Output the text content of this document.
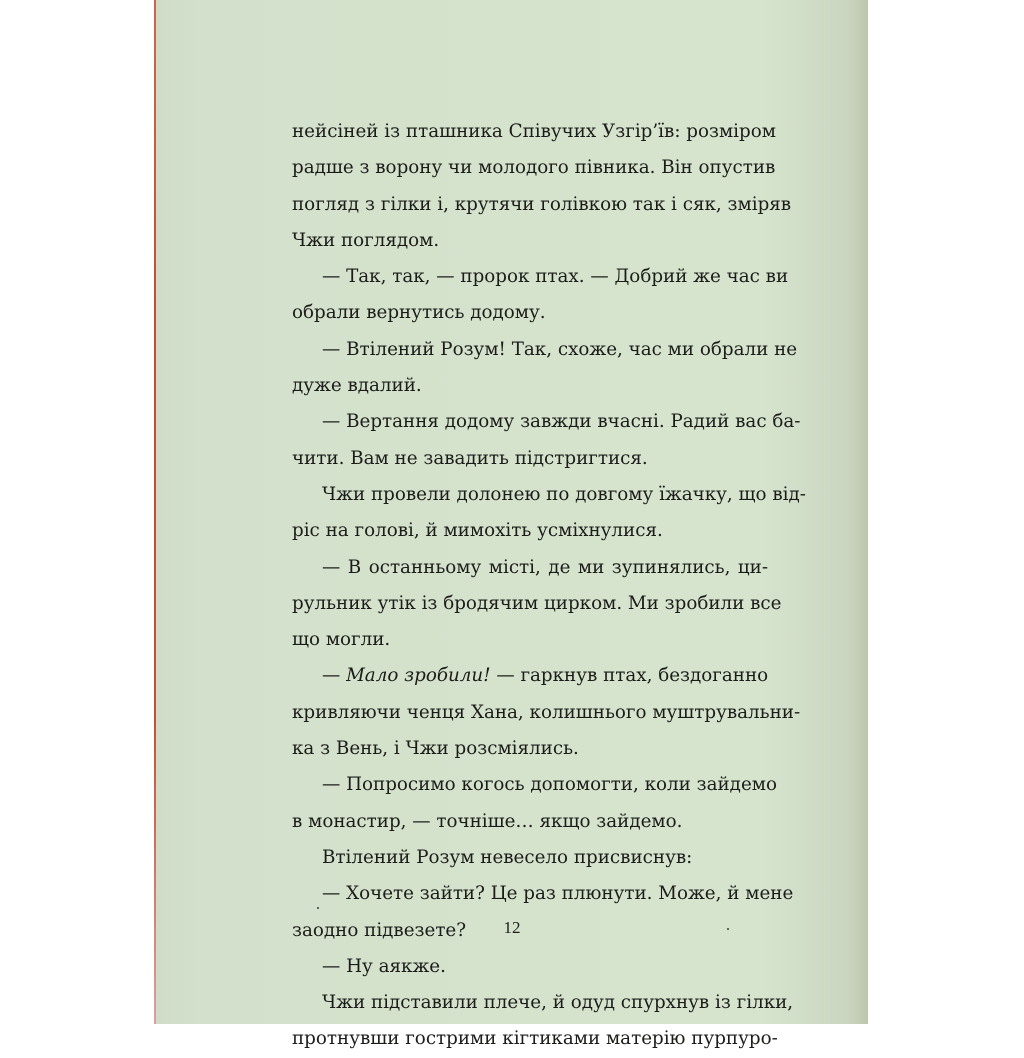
нейсіней із пташника Співучих Узгір’їв: розміром
радше з ворону чи молодого півника. Він опустив
погляд з гілки і, крутячи голівкою так і сяк, зміряв
Чжи поглядом.
— Так, так, — пророк птах. — Добрий же час ви
обрали вернутись додому.
— Втілений Розум! Так, схоже, час ми обрали не
дуже вдалий.
— Вертання додому завжди вчасні. Радий вас ба-
чити. Вам не завадить підстригтися.
Чжи провели долонею по довгому їжачку, що від-
ріс на голові, й мимохіть усміхнулися.
— В останньому місті, де ми зупинялись, ци-
рульник утік із бродячим цирком. Ми зробили все
що могли.
— Мало зробили! — гаркнув птах, бездоганно
кривляючи ченця Хана, колишнього муштрувальни-
ка з Вень, і Чжи розсміялись.
— Попросимо когось допомогти, коли зайдемо
в монастир, — точніше… якщо зайдемо.
Втілений Розум невесело присвиснув:
— Хочете зайти? Це раз плюнути. Може, й мене
заодно підвезете?
— Ну аякже.
Чжи підставили плече, й одуд спурхнув із гілки,
протнувши гострими кігтиками матерію пурпуро-
12
